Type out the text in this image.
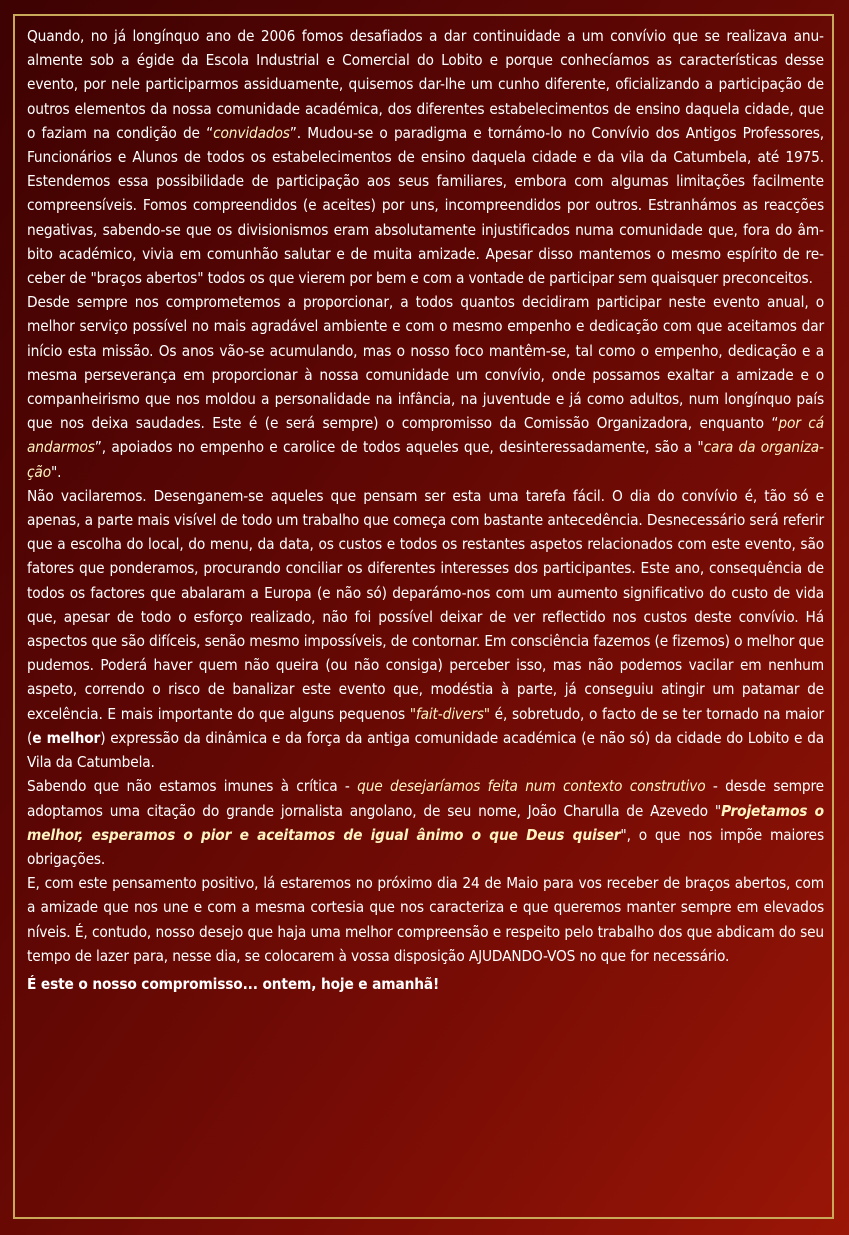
Quando, no já longínquo ano de 2006 fomos desafiados a dar continuidade a um convívio que se realizava anualmente sob a égide da Escola Industrial e Comercial do Lobito e porque conhecíamos as características desse evento, por nele participarmos assiduamente, quisemos dar-lhe um cunho diferente, oficializando a participação de outros elementos da nossa comunidade académica, dos diferentes estabelecimentos de ensino daquela cidade, que o faziam na condição de “convidados”. Mudou-se o paradigma e tornámo-lo no Convívio dos Antigos Professores, Funcionários e Alunos de todos os estabelecimentos de ensino daquela cidade e da vila da Catumbela, até 1975. Estendemos essa possibilidade de participação aos seus familiares, embora com algumas limitações facilmente compreensíveis. Fomos compreendidos (e aceites) por uns, incompreendidos por outros. Estranhámos as reacções negativas, sabendo-se que os divisionismos eram absolutamente injustificados numa comunidade que, fora do âmbito académico, vivia em comunhão salutar e de muita amizade. Apesar disso mantemos o mesmo espírito de receber de "braços abertos" todos os que vierem por bem e com a vontade de participar sem quaisquer preconceitos.

Desde sempre nos comprometemos a proporcionar, a todos quantos decidiram participar neste evento anual, o melhor serviço possível no mais agradável ambiente e com o mesmo empenho e dedicação com que aceitamos dar início esta missão. Os anos vão-se acumulando, mas o nosso foco mantêm-se, tal como o empenho, dedicação e a mesma perseverança em proporcionar à nossa comunidade um convívio, onde possamos exaltar a amizade e o companheirismo que nos moldou a personalidade na infância, na juventude e já como adultos, num longínquo país que nos deixa saudades. Este é (e será sempre) o compromisso da Comissão Organizadora, enquanto “por cá andarmos”, apoiados no empenho e carolice de todos aqueles que, desinteressadamente, são a "cara da organização".

Não vacilaremos. Desenganem-se aqueles que pensam ser esta uma tarefa fácil. O dia do convívio é, tão só e apenas, a parte mais visível de todo um trabalho que começa com bastante antecedência. Desnecessário será referir que a escolha do local, do menu, da data, os custos e todos os restantes aspetos relacionados com este evento, são fatores que ponderamos, procurando conciliar os diferentes interesses dos participantes. Este ano, consequência de todos os factores que abalaram a Europa (e não só) deparámo-nos com um aumento significativo do custo de vida que, apesar de todo o esforço realizado, não foi possível deixar de ver reflectido nos custos deste convívio. Há aspectos que são difíceis, senão mesmo impossíveis, de contornar. Em consciência fazemos (e fizemos) o melhor que pudemos. Poderá haver quem não queira (ou não consiga) perceber isso, mas não podemos vacilar em nenhum aspeto, correndo o risco de banalizar este evento que, modéstia à parte, já conseguiu atingir um patamar de excelência. E mais importante do que alguns pequenos "fait-divers" é, sobretudo, o facto de se ter tornado na maior (e melhor) expressão da dinâmica e da força da antiga comunidade académica (e não só) da cidade do Lobito e da Vila da Catumbela.

Sabendo que não estamos imunes à crítica - que desejaríamos feita num contexto construtivo - desde sempre adoptamos uma citação do grande jornalista angolano, de seu nome, João Charulla de Azevedo "Projetamos o melhor, esperamos o pior e aceitamos de igual ânimo o que Deus quiser", o que nos impõe maiores obrigações.

E, com este pensamento positivo, lá estaremos no próximo dia 24 de Maio para vos receber de braços abertos, com a amizade que nos une e com a mesma cortesia que nos caracteriza e que queremos manter sempre em elevados níveis. É, contudo, nosso desejo que haja uma melhor compreensão e respeito pelo trabalho dos que abdicam do seu tempo de lazer para, nesse dia, se colocarem à vossa disposição AJUDANDO-VOS no que for necessário.

É este o nosso compromisso... ontem, hoje e amanhã!
